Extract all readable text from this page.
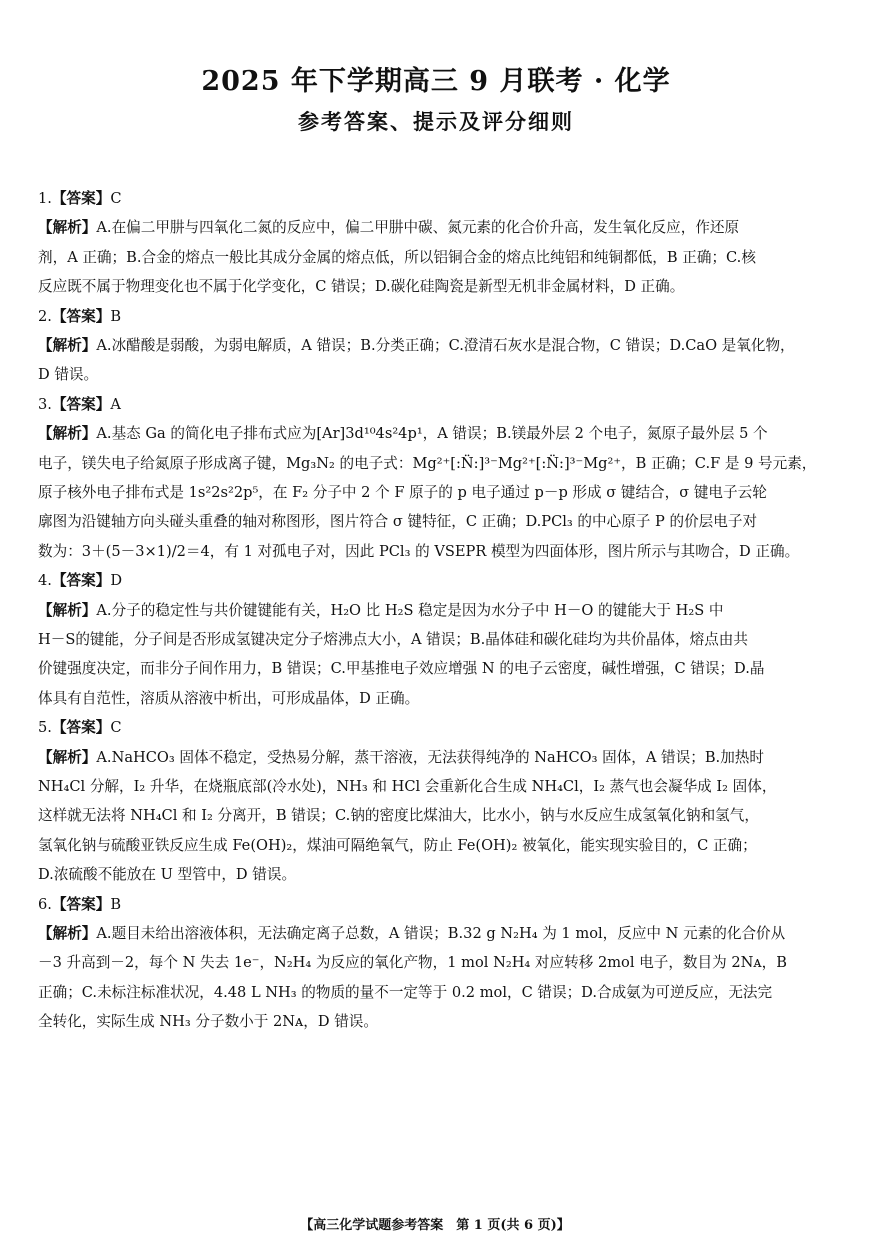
2025 年下学期高三 9 月联考 · 化学
参考答案、提示及评分细则
1.【答案】C
【解析】A.在偏二甲肼与四氧化二氮的反应中，偏二甲肼中碳、氮元素的化合价升高，发生氧化反应，作还原
剂，A 正确；B.合金的熔点一般比其成分金属的熔点低，所以铝铜合金的熔点比纯铝和纯铜都低，B 正确；C.核
反应既不属于物理变化也不属于化学变化，C 错误；D.碳化硅陶瓷是新型无机非金属材料，D 正确。
2.【答案】B
【解析】A.冰醋酸是弱酸，为弱电解质，A 错误；B.分类正确；C.澄清石灰水是混合物，C 错误；D.CaO 是氧化物，
D 错误。
3.【答案】A
【解析】A.基态 Ga 的简化电子排布式应为[Ar]3d¹⁰4s²4p¹，A 错误；B.镁最外层 2 个电子，氮原子最外层 5 个
电子，镁失电子给氮原子形成离子键，Mg₃N₂ 的电子式：Mg²⁺[:N̈:]³⁻Mg²⁺[:N̈:]³⁻Mg²⁺，B 正确；C.F 是 9 号元素，
原子核外电子排布式是 1s²2s²2p⁵，在 F₂ 分子中 2 个 F 原子的 p 电子通过 p－p 形成 σ 键结合，σ 键电子云轮
廓图为沿键轴方向头碰头重叠的轴对称图形，图片符合 σ 键特征，C 正确；D.PCl₃ 的中心原子 P 的价层电子对
数为：3＋(5－3×1)/2＝4，有 1 对孤电子对，因此 PCl₃ 的 VSEPR 模型为四面体形，图片所示与其吻合，D 正确。
4.【答案】D
【解析】A.分子的稳定性与共价键键能有关，H₂O 比 H₂S 稳定是因为水分子中 H－O 的键能大于 H₂S 中
H－S的键能，分子间是否形成氢键决定分子熔沸点大小，A 错误；B.晶体硅和碳化硅均为共价晶体，熔点由共
价键强度决定，而非分子间作用力，B 错误；C.甲基推电子效应增强 N 的电子云密度，碱性增强，C 错误；D.晶
体具有自范性，溶质从溶液中析出，可形成晶体，D 正确。
5.【答案】C
【解析】A.NaHCO₃ 固体不稳定，受热易分解，蒸干溶液，无法获得纯净的 NaHCO₃ 固体，A 错误；B.加热时
NH₄Cl 分解，I₂ 升华，在烧瓶底部(冷水处)，NH₃ 和 HCl 会重新化合生成 NH₄Cl，I₂ 蒸气也会凝华成 I₂ 固体，
这样就无法将 NH₄Cl 和 I₂ 分离开，B 错误；C.钠的密度比煤油大，比水小，钠与水反应生成氢氧化钠和氢气，
氢氧化钠与硫酸亚铁反应生成 Fe(OH)₂，煤油可隔绝氧气，防止 Fe(OH)₂ 被氧化，能实现实验目的，C 正确；
D.浓硫酸不能放在 U 型管中，D 错误。
6.【答案】B
【解析】A.题目未给出溶液体积，无法确定离子总数，A 错误；B.32 g N₂H₄ 为 1 mol，反应中 N 元素的化合价从
－3 升高到－2，每个 N 失去 1e⁻，N₂H₄ 为反应的氧化产物，1 mol N₂H₄ 对应转移 2mol 电子，数目为 2Nᴀ，B
正确；C.未标注标准状况，4.48 L NH₃ 的物质的量不一定等于 0.2 mol，C 错误；D.合成氨为可逆反应，无法完
全转化，实际生成 NH₃ 分子数小于 2Nᴀ，D 错误。
【高三化学试题参考答案　第 1 页(共 6 页)】
